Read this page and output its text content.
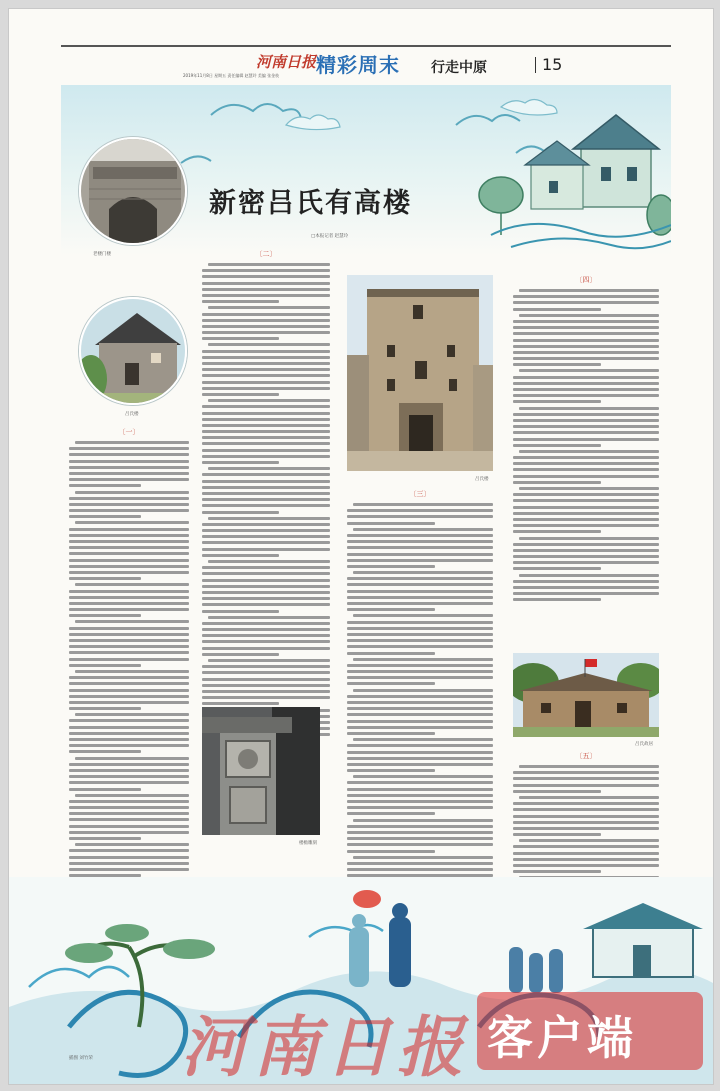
河南日报 精彩周末 行走中原	15
2019年11月8日 星期五 责任编辑 赵慧玲 美编 张金枝
老楼门楼
吕氏楼

〔一〕

新密吕氏有高楼
□本报记者 赵慧玲

〔二〕

楼檐雕刻
吕氏楼

〔三〕

〔四〕

吕氏故居

〔五〕

插图 刘竹荣 河南日报 客户端
